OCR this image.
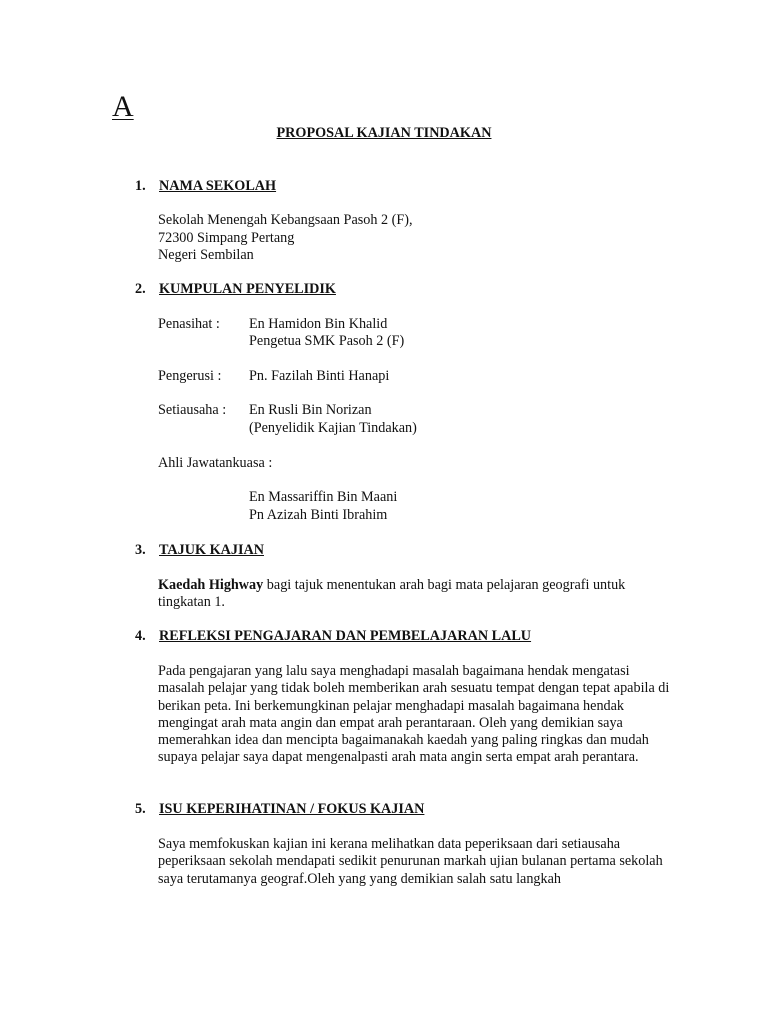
A
PROPOSAL KAJIAN TINDAKAN
1. NAMA SEKOLAH
Sekolah Menengah Kebangsaan Pasoh 2 (F),
72300 Simpang Pertang
Negeri Sembilan
2. KUMPULAN PENYELIDIK
Penasihat : En Hamidon Bin Khalid
Pengetua SMK Pasoh 2 (F)
Pengerusi : Pn. Fazilah Binti Hanapi
Setiausaha : En Rusli Bin Norizan
(Penyelidik Kajian Tindakan)
Ahli Jawatankuasa :
En Massariffin Bin Maani
Pn Azizah Binti Ibrahim
3. TAJUK KAJIAN
Kaedah Highway bagi tajuk menentukan arah bagi mata pelajaran geografi untuk tingkatan 1.
4. REFLEKSI PENGAJARAN DAN PEMBELAJARAN LALU
Pada pengajaran yang lalu saya menghadapi masalah bagaimana hendak mengatasi masalah pelajar yang tidak boleh memberikan arah sesuatu tempat dengan tepat apabila di berikan peta. Ini berkemungkinan pelajar menghadapi masalah bagaimana hendak mengingat arah mata angin dan empat arah perantaraan. Oleh yang demikian saya memerahkan idea dan mencipta bagaimanakah kaedah yang paling ringkas dan mudah supaya pelajar saya dapat mengenalpasti arah mata angin serta empat arah perantara.
5. ISU KEPERIHATINAN / FOKUS KAJIAN
Saya memfokuskan kajian ini kerana melihatkan data peperiksaan dari setiausaha peperiksaan sekolah mendapati sedikit penurunan markah ujian bulanan pertama sekolah saya terutamanya geograf.Oleh yang yang demikian salah satu langkah
